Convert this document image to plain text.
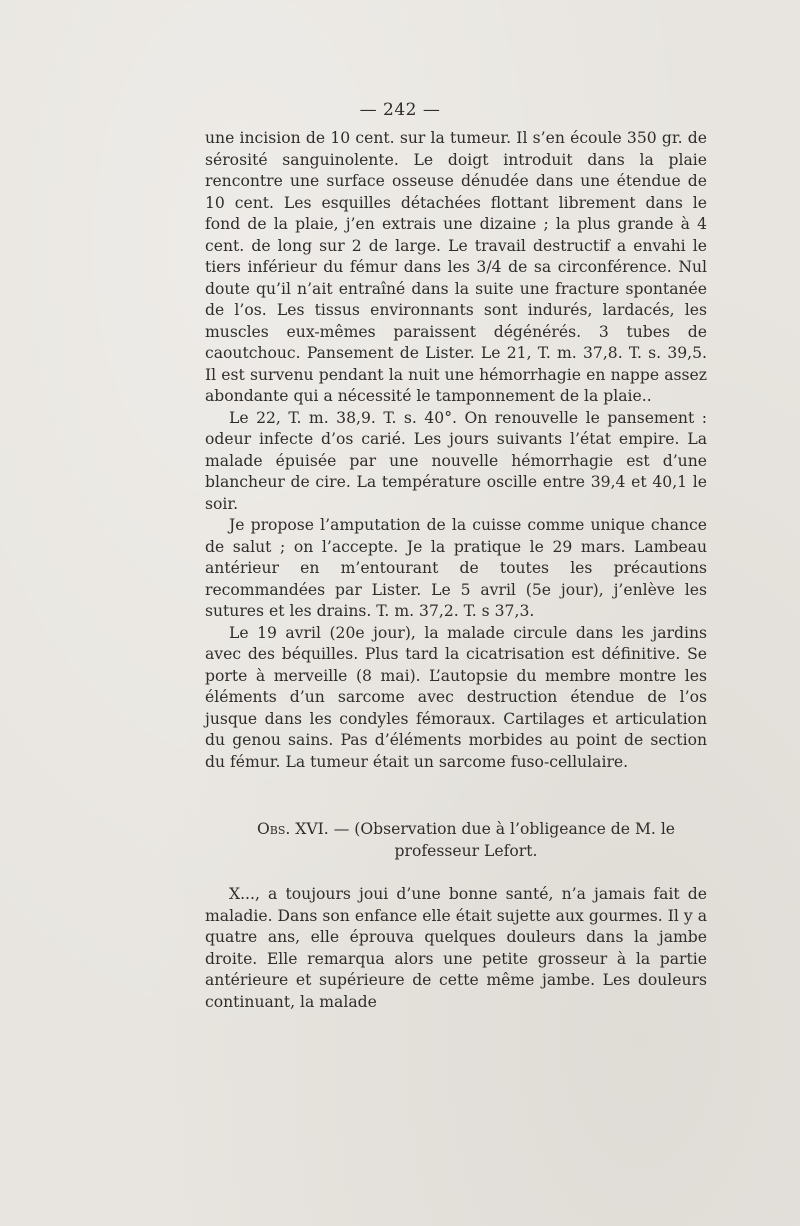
— 242 —

une incision de 10 cent. sur la tumeur. Il s’en écoule 350 gr. de sérosité sanguinolente. Le doigt introduit dans la plaie rencontre une surface osseuse dénudée dans une étendue de 10 cent. Les esquilles détachées flottant librement dans le fond de la plaie, j’en extrais une dizaine ; la plus grande à 4 cent. de long sur 2 de large. Le travail destructif a envahi le tiers inférieur du fémur dans les 3/4 de sa circonférence. Nul doute qu’il n’ait entraîné dans la suite une fracture spontanée de l’os. Les tissus environnants sont indurés, lardacés, les muscles eux-mêmes paraissent dégénérés. 3 tubes de caoutchouc. Pansement de Lister. Le 21, T. m. 37,8. T. s. 39,5. Il est survenu pendant la nuit une hémorrhagie en nappe assez abondante qui a nécessité le tamponnement de la plaie..

Le 22, T. m. 38,9. T. s. 40°. On renouvelle le pansement : odeur infecte d’os carié. Les jours suivants l’état empire. La malade épuisée par une nouvelle hémorrhagie est d’une blancheur de cire. La température oscille entre 39,4 et 40,1 le soir.

Je propose l’amputation de la cuisse comme unique chance de salut ; on l’accepte. Je la pratique le 29 mars. Lambeau antérieur en m’entourant de toutes les précautions recommandées par Lister. Le 5 avril (5e jour), j’enlève les sutures et les drains. T. m. 37,2. T. s 37,3.

Le 19 avril (20e jour), la malade circule dans les jardins avec des béquilles. Plus tard la cicatrisation est définitive. Se porte à merveille (8 mai). L’autopsie du membre montre les éléments d’un sarcome avec destruction étendue de l’os jusque dans les condyles fémoraux. Cartilages et articulation du genou sains. Pas d’éléments morbides au point de section du fémur. La tumeur était un sarcome fuso-cellulaire.

Obs. XVI. — (Observation due à l’obligeance de M. le
professeur Lefort.

X..., a toujours joui d’une bonne santé, n’a jamais fait de maladie. Dans son enfance elle était sujette aux gourmes. Il y a quatre ans, elle éprouva quelques douleurs dans la jambe droite. Elle remarqua alors une petite grosseur à la partie antérieure et supérieure de cette même jambe. Les douleurs continuant, la malade
